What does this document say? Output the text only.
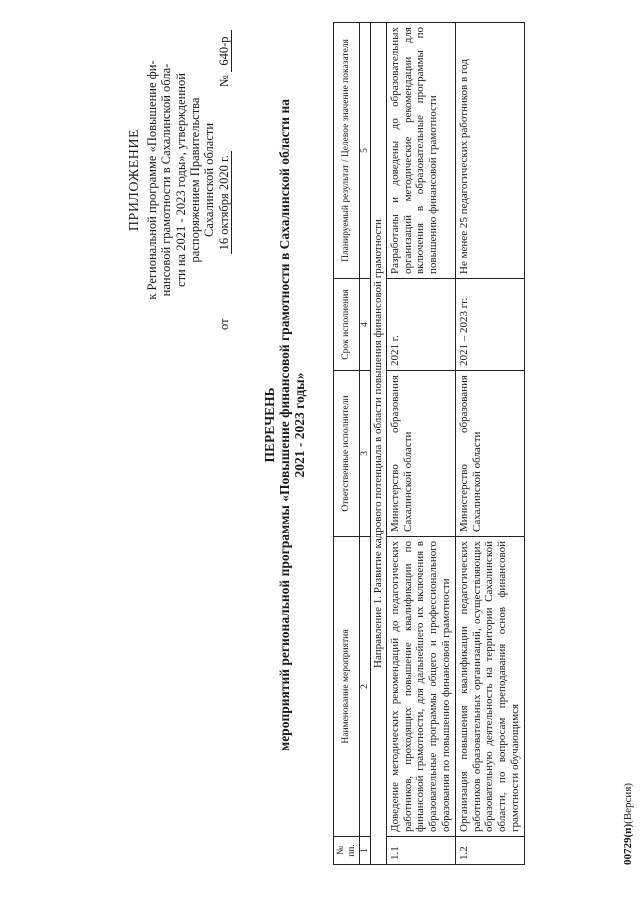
ПРИЛОЖЕНИЕ к Региональной программе «Повышение фи- нансовой грамотности в Сахалинской обла- сти на 2021 - 2023 годы», утвержденной распоряжением Правительства Сахалинской области
от
16 октября 2020 г.
№ 640-р
ПЕРЕЧЕНЬ мероприятий региональной программы «Повышение финансовой грамотности в Сахалинской области на 2021 - 2023 годы»
№ пп.	Наименование мероприятия	Ответственные исполнители	Срок исполнения	Планируемый результат / Целевое значение показателя
1	2	3	4	5
Направление 1. Развитие кадрового потенциала в области повышения финансовой грамотности				
1.1	Доведение методических рекомендаций до педагогических работников, проходящих повышение квалификации по финансовой грамотности, для дальнейшего их включения в образовательные программы общего и профессионального образования по повышению финансовой грамотности	Министерство образования Сахалинской области	2021 г.	Разработаны и доведены до образовательных организаций методические рекомендации для включения в образовательные программы по повышению финансовой грамотности
1.2	Организация повышения квалификации педагогических работников образовательных организаций, осуществляющих образовательную деятельность на территории Сахалинской области, по вопросам преподавания основ финансовой грамотности обучающимся	Министерство образования Сахалинской области	2021 – 2023 гг.	Не менее 25 педагогических работников в год
00729(п)(Версия)
